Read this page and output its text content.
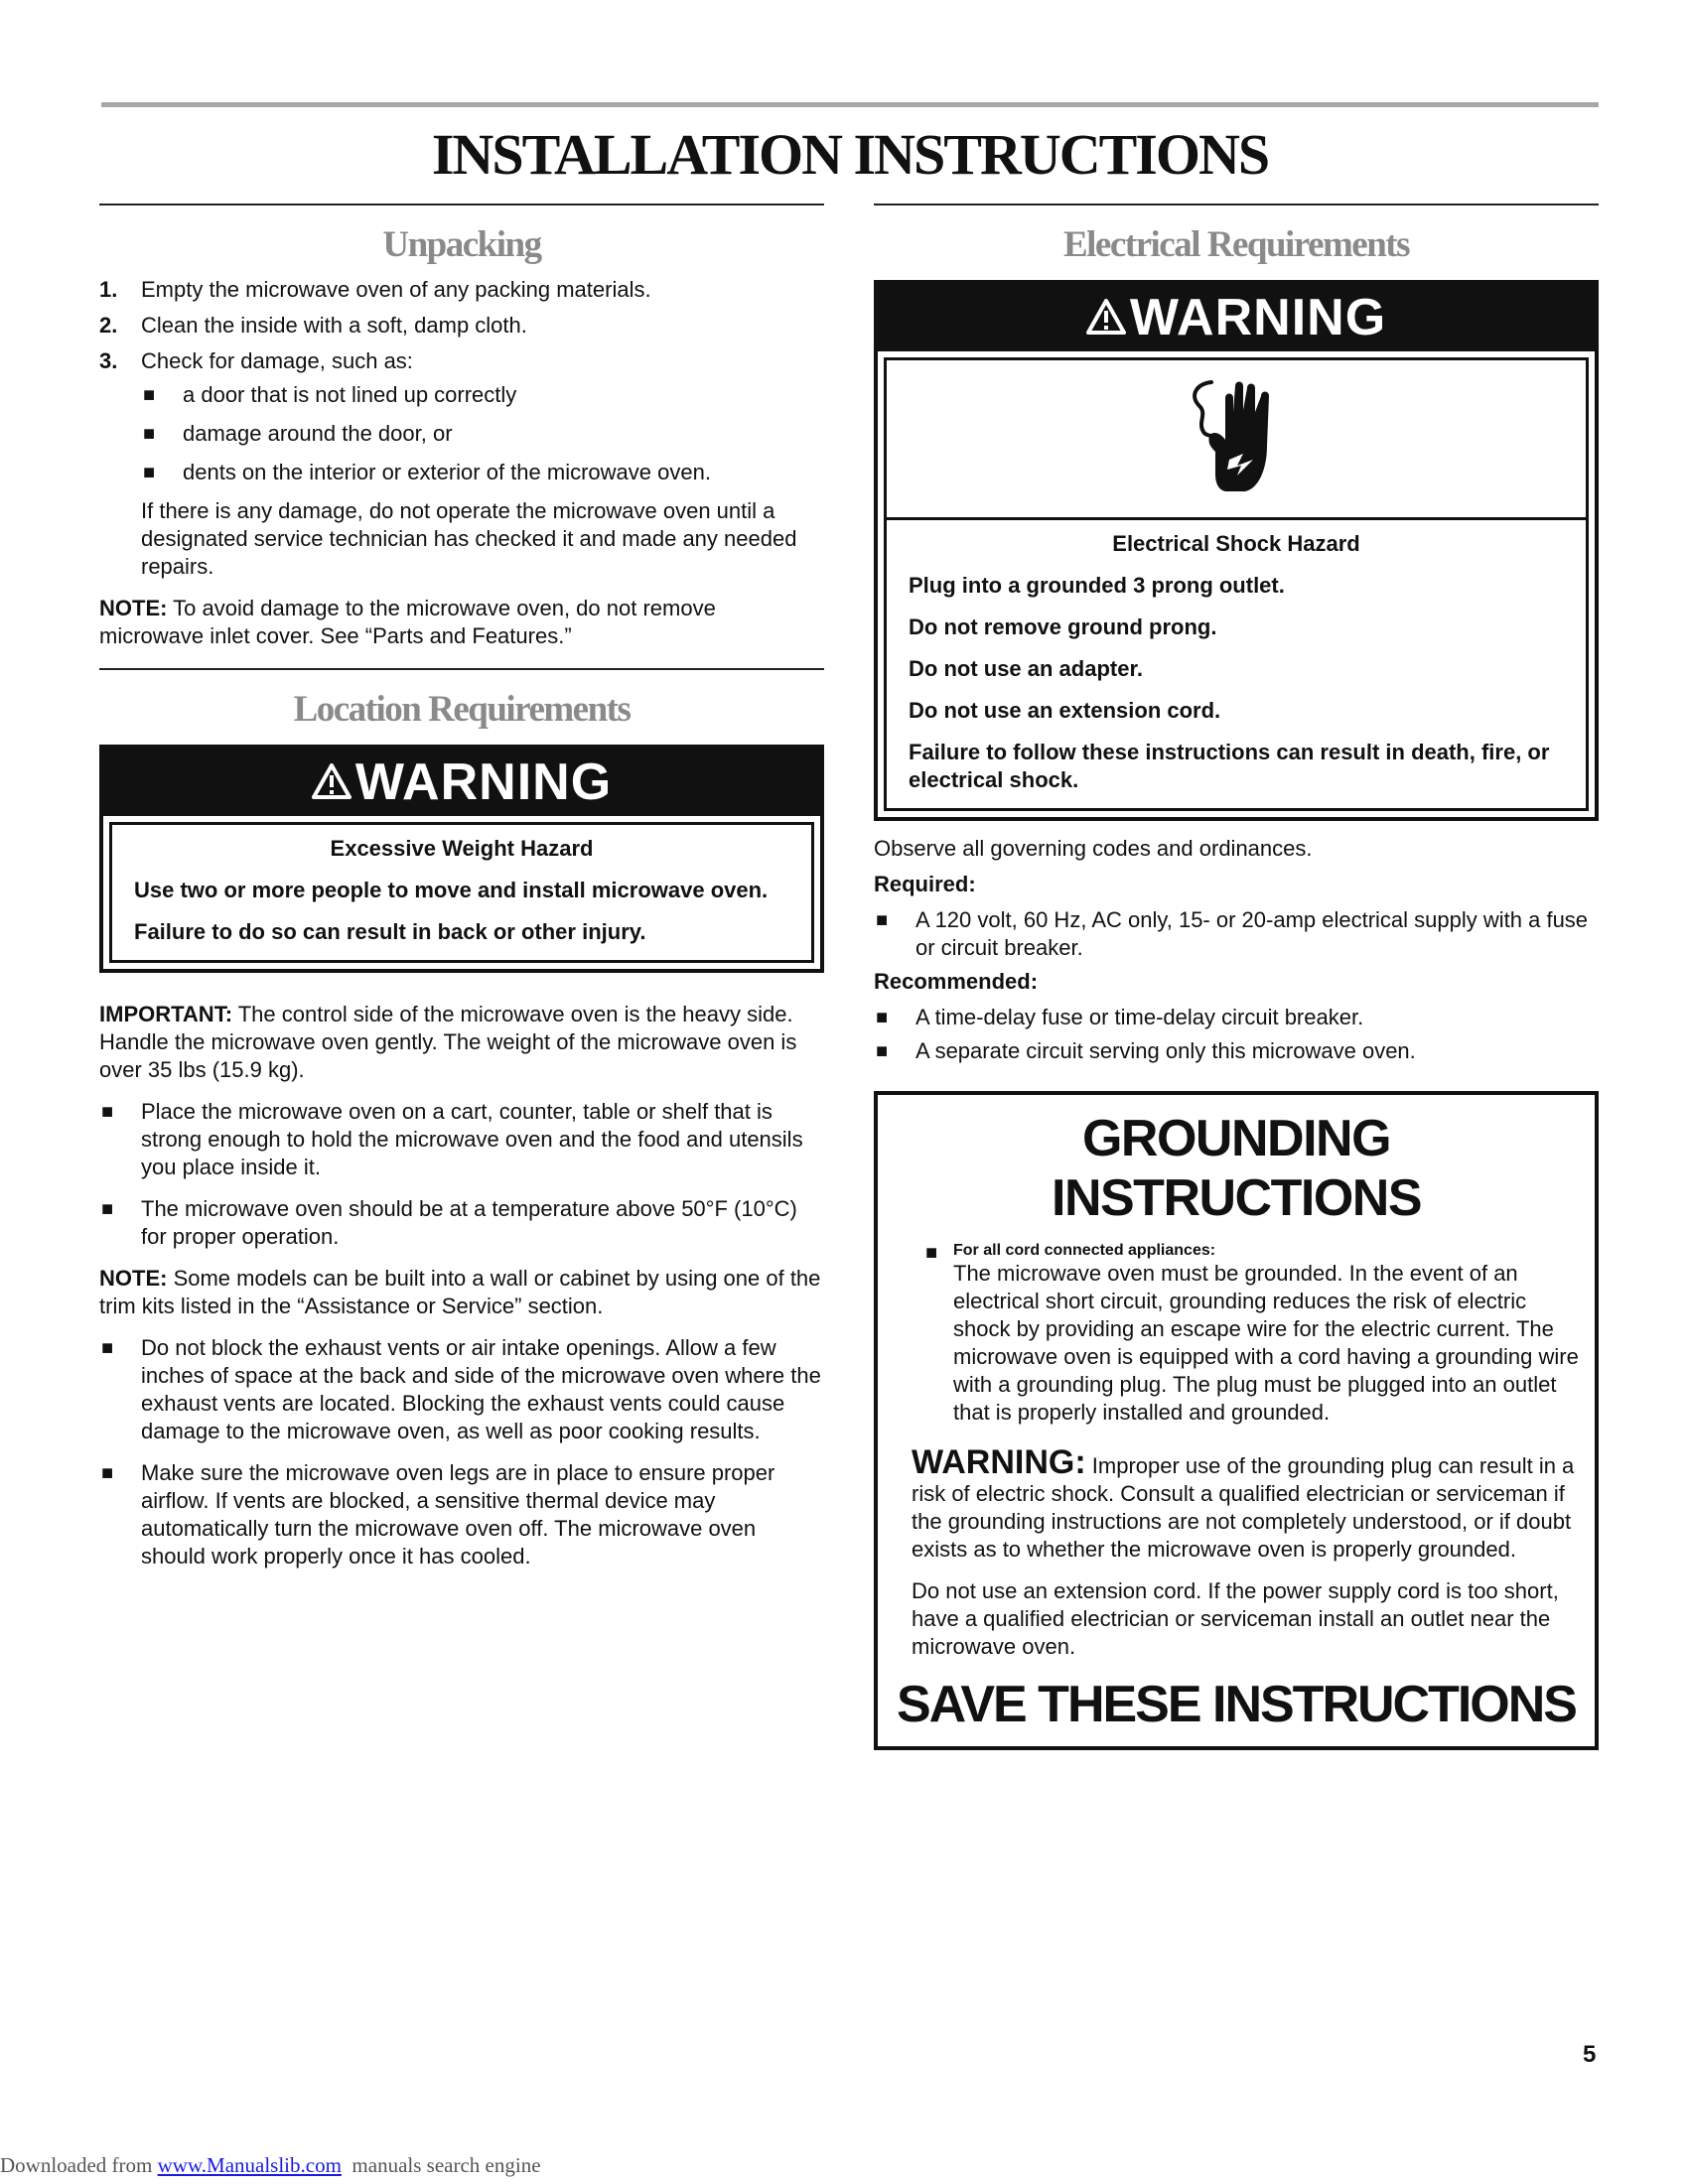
INSTALLATION INSTRUCTIONS
Unpacking
1. Empty the microwave oven of any packing materials.
2. Clean the inside with a soft, damp cloth.
3. Check for damage, such as:
■ a door that is not lined up correctly
■ damage around the door, or
■ dents on the interior or exterior of the microwave oven.

If there is any damage, do not operate the microwave oven until a designated service technician has checked it and made any needed repairs.

NOTE: To avoid damage to the microwave oven, do not remove microwave inlet cover. See “Parts and Features.”

Location Requirements
WARNING

Excessive Weight Hazard

Use two or more people to move and install microwave oven.

Failure to do so can result in back or other injury.

IMPORTANT: The control side of the microwave oven is the heavy side. Handle the microwave oven gently. The weight of the microwave oven is over 35 lbs (15.9 kg).

■ Place the microwave oven on a cart, counter, table or shelf that is strong enough to hold the microwave oven and the food and utensils you place inside it.
■ The microwave oven should be at a temperature above 50°F (10°C) for proper operation.

NOTE: Some models can be built into a wall or cabinet by using one of the trim kits listed in the “Assistance or Service” section.

■ Do not block the exhaust vents or air intake openings. Allow a few inches of space at the back and side of the microwave oven where the exhaust vents are located. Blocking the exhaust vents could cause damage to the microwave oven, as well as poor cooking results.
■ Make sure the microwave oven legs are in place to ensure proper airflow. If vents are blocked, a sensitive thermal device may automatically turn the microwave oven off. The microwave oven should work properly once it has cooled.
Electrical Requirements
WARNING

Electrical Shock Hazard

Plug into a grounded 3 prong outlet.

Do not remove ground prong.

Do not use an adapter.

Do not use an extension cord.

Failure to follow these instructions can result in death, fire, or electrical shock.

Observe all governing codes and ordinances.

Required:

■ A 120 volt, 60 Hz, AC only, 15- or 20-amp electrical supply with a fuse or circuit breaker.

Recommended:

■ A time-delay fuse or time-delay circuit breaker.
■ A separate circuit serving only this microwave oven.
GROUNDING INSTRUCTIONS
■ For all cord connected appliances:

The microwave oven must be grounded. In the event of an electrical short circuit, grounding reduces the risk of electric shock by providing an escape wire for the electric current. The microwave oven is equipped with a cord having a grounding wire with a grounding plug. The plug must be plugged into an outlet that is properly installed and grounded.

WARNING: Improper use of the grounding plug can result in a risk of electric shock. Consult a qualified electrician or serviceman if the grounding instructions are not completely understood, or if doubt exists as to whether the microwave oven is properly grounded.

Do not use an extension cord. If the power supply cord is too short, have a qualified electrician or serviceman install an outlet near the microwave oven.

SAVE THESE INSTRUCTIONS
5
Downloaded from www.Manualslib.com  manuals search engine
